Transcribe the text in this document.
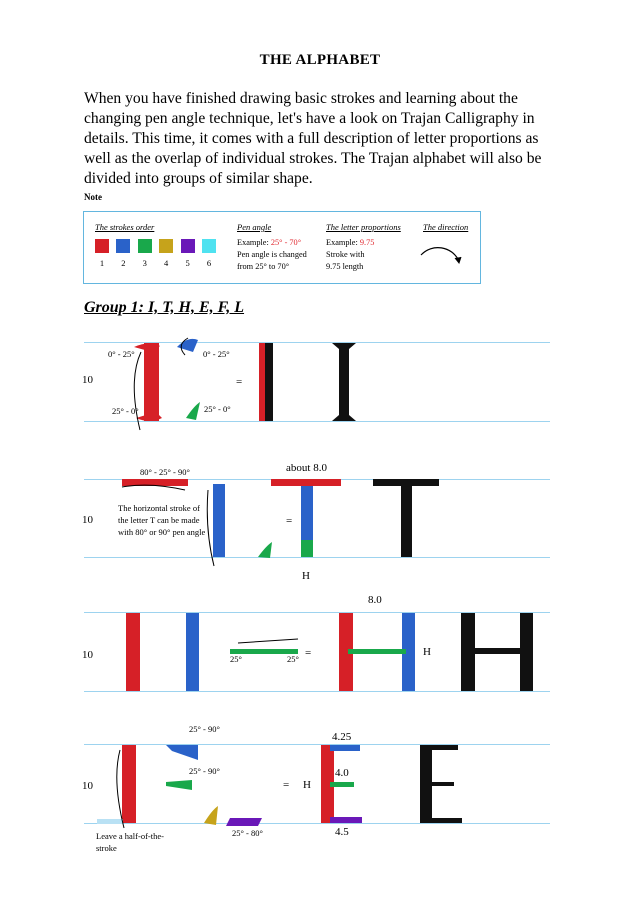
THE ALPHABET
When you have finished drawing basic strokes and learning about the changing pen angle technique, let's have a look on Trajan Calligraphy in details. This time, it comes with a full description of letter proportions as well as the overlap of individual strokes. The Trajan alphabet will also be divided into groups of similar shape.
Note
The strokes order
1	2	3	4	5	6
Pen angle
Example: 25° - 70°
Pen angle is changed
from 25° to 70°
The letter proportions
Example: 9.75
Stroke with
9.75 length
The direction
Group 1: I, T, H, E, F, L
10
0° - 25°	0° - 25°
25° - 0°	25° - 0°
=
10
80° - 25° - 90°
The horizontal stroke of the letter T can be made with 80° or 90° pen angle
about 8.0
=
H
10
8.0
25°	25° =	H
10
25° - 90°
25° - 90°
25° - 80°
= H
4.25
4.0
4.5
Leave a half-of-the-stroke
